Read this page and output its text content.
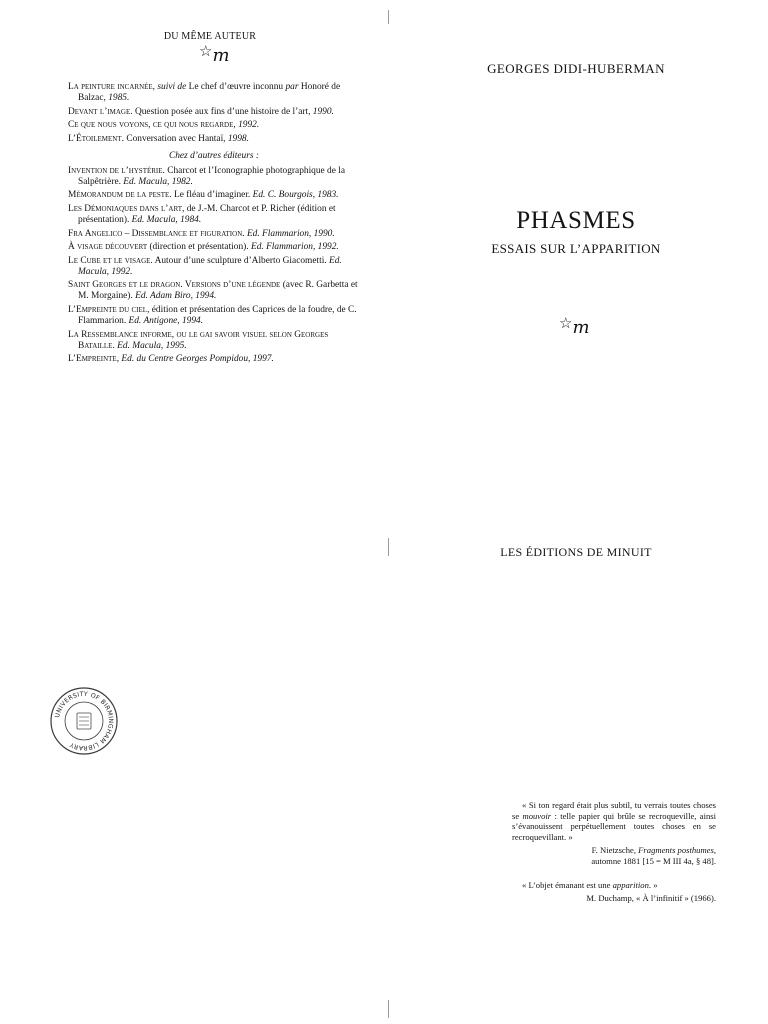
DU MÊME AUTEUR
☆m
La peinture incarnée, suivi de Le chef d’œuvre inconnu par Honoré de Balzac, 1985.
Devant l’image. Question posée aux fins d’une histoire de l’art, 1990.
Ce que nous voyons, ce qui nous regarde, 1992.
L’Étoilement. Conversation avec Hantaï, 1998.
Chez d’autres éditeurs :
Invention de l’hystérie. Charcot et l’Iconographie photographique de la Salpêtrière. Ed. Macula, 1982.
Mémorandum de la peste. Le fléau d’imaginer. Ed. C. Bourgois, 1983.
Les Démoniaques dans l’art, de J.-M. Charcot et P. Richer (édition et présentation). Ed. Macula, 1984.
Fra Angelico – Dissemblance et figuration. Ed. Flammarion, 1990.
À visage découvert (direction et présentation). Ed. Flammarion, 1992.
Le Cube et le visage. Autour d’une sculpture d’Alberto Giacometti. Ed. Macula, 1992.
Saint Georges et le dragon. Versions d’une légende (avec R. Garbetta et M. Morgaine). Ed. Adam Biro, 1994.
L’Empreinte du ciel, édition et présentation des Caprices de la foudre, de C. Flammarion. Ed. Antigone, 1994.
La Ressemblance informe, ou le gai savoir visuel selon Georges Bataille. Ed. Macula, 1995.
L’Empreinte, Ed. du Centre Georges Pompidou, 1997.
UNIVERSITY OF BIRMINGHAM LIBRARY
GEORGES DIDI-HUBERMAN
PHASMES
ESSAIS SUR L’APPARITION
☆m
LES ÉDITIONS DE MINUIT

« Si ton regard était plus subtil, tu verrais toutes choses se mouvoir : telle papier qui brûle se recroqueville, ainsi s’évanouissent perpétuellement toutes choses en se recroquevillant. »

F. Nietzsche, Fragments posthumes,
automne 1881 [15 = M III 4a, § 48].

« L’objet émanant est une apparition. »

M. Duchamp, « À l’infinitif » (1966).
